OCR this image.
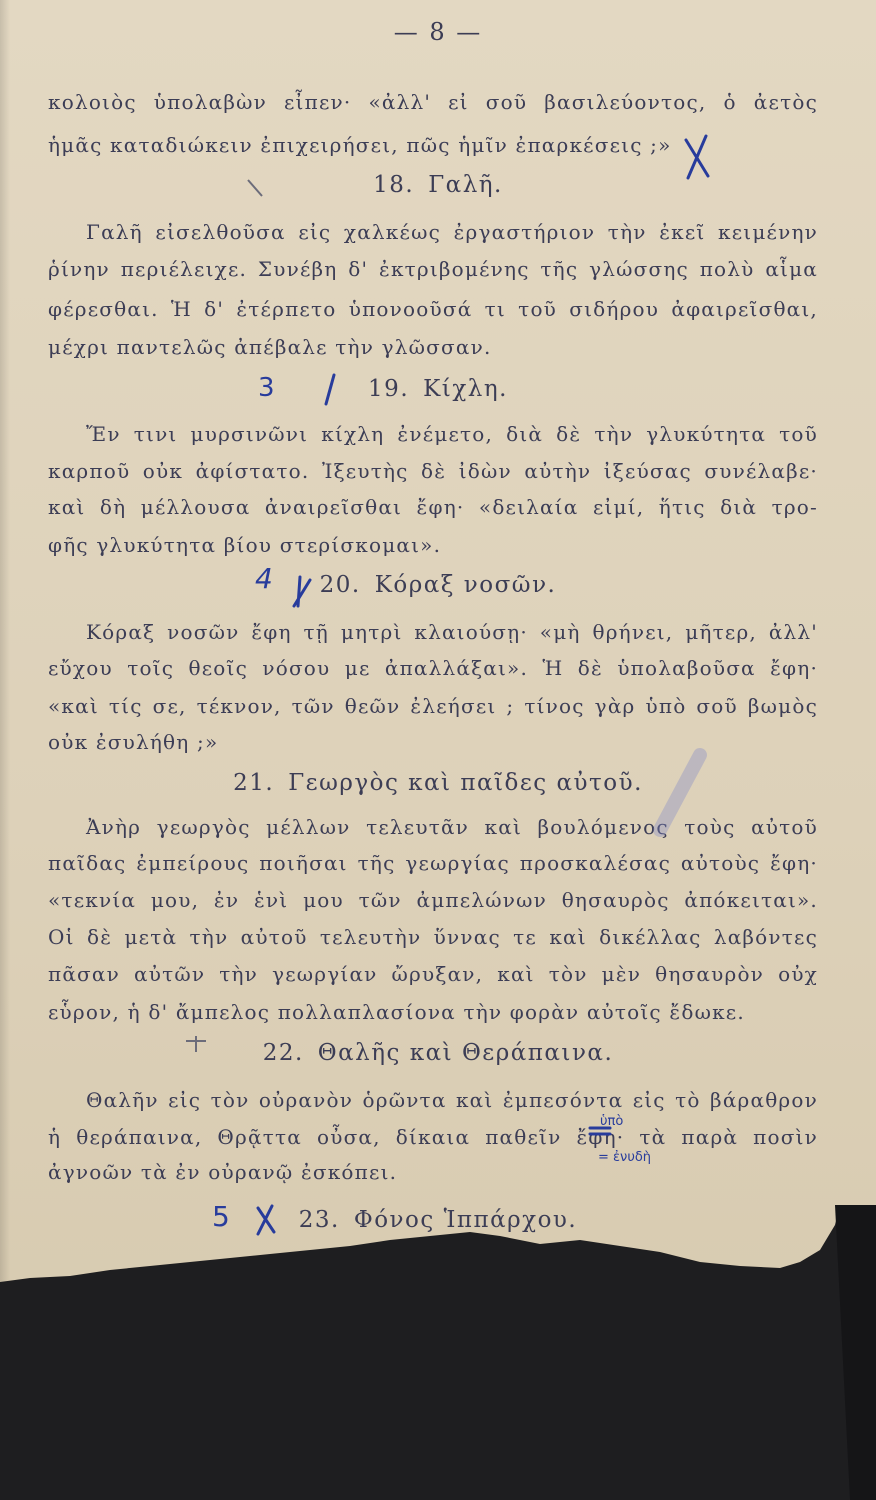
— 8 —
κολοιὸς ὑπολαβὼν εἶπεν· «ἀλλ' εἰ σοῦ βασιλεύοντος, ὁ ἀετὸς
ἡμᾶς καταδιώκειν ἐπιχειρήσει, πῶς ἡμῖν ἐπαρκέσεις ;»
18. Γαλῆ.
Γαλῆ εἰσελθοῦσα εἰς χαλκέως ἐργαστήριον τὴν ἐκεῖ κειμένην
ῥίνην περιέλειχε. Συνέβη δ' ἐκτριβομένης τῆς γλώσσης πολὺ αἷμα
φέρεσθαι. Ἡ δ' ἐτέρπετο ὑπονοοῦσά τι τοῦ σιδήρου ἀφαιρεῖσθαι,
μέχρι παντελῶς ἀπέβαλε τὴν γλῶσσαν.
19. Κίχλη.
Ἔν τινι μυρσινῶνι κίχλη ἐνέμετο, διὰ δὲ τὴν γλυκύτητα τοῦ
καρποῦ οὐκ ἀφίστατο. Ἰξευτὴς δὲ ἰδὼν αὐτὴν ἰξεύσας συνέλαβε·
καὶ δὴ μέλλουσα ἀναιρεῖσθαι ἔφη· «δειλαία εἰμί, ἥτις διὰ τρο-
φῆς γλυκύτητα βίου στερίσκομαι».
20. Κόραξ νοσῶν.
Κόραξ νοσῶν ἔφη τῇ μητρὶ κλαιούσῃ· «μὴ θρήνει, μῆτερ, ἀλλ'
εὔχου τοῖς θεοῖς νόσου με ἀπαλλάξαι». Ἡ δὲ ὑπολαβοῦσα ἔφη·
«καὶ τίς σε, τέκνον, τῶν θεῶν ἐλεήσει ; τίνος γὰρ ὑπὸ σοῦ βωμὸς
οὐκ ἐσυλήθη ;»
21. Γεωργὸς καὶ παῖδες αὐτοῦ.
Ἀνὴρ γεωργὸς μέλλων τελευτᾶν καὶ βουλόμενος τοὺς αὐτοῦ
παῖδας ἐμπείρους ποιῆσαι τῆς γεωργίας προσκαλέσας αὐτοὺς ἔφη·
«τεκνία μου, ἐν ἑνὶ μου τῶν ἀμπελώνων θησαυρὸς ἀπόκειται».
Οἱ δὲ μετὰ τὴν αὐτοῦ τελευτὴν ὕννας τε καὶ δικέλλας λαβόντες
πᾶσαν αὐτῶν τὴν γεωργίαν ὤρυξαν, καὶ τὸν μὲν θησαυρὸν οὐχ
εὗρον, ἡ δ' ἄμπελος πολλαπλασίονα τὴν φορὰν αὐτοῖς ἔδωκε.
22. Θαλῆς καὶ Θεράπαινα.
Θαλῆν εἰς τὸν οὐρανὸν ὁρῶντα καὶ ἐμπεσόντα εἰς τὸ βάραθρον
ἡ θεράπαινα, Θρᾷττα οὖσα, δίκαια παθεῖν ἔφη· τὰ παρὰ ποσὶν
ἀγνοῶν τὰ ἐν οὐρανῷ ἐσκόπει.
23. Φόνος Ἱππάρχου.
3
4
5
ὑπὸ
= ἐνυδὴ
